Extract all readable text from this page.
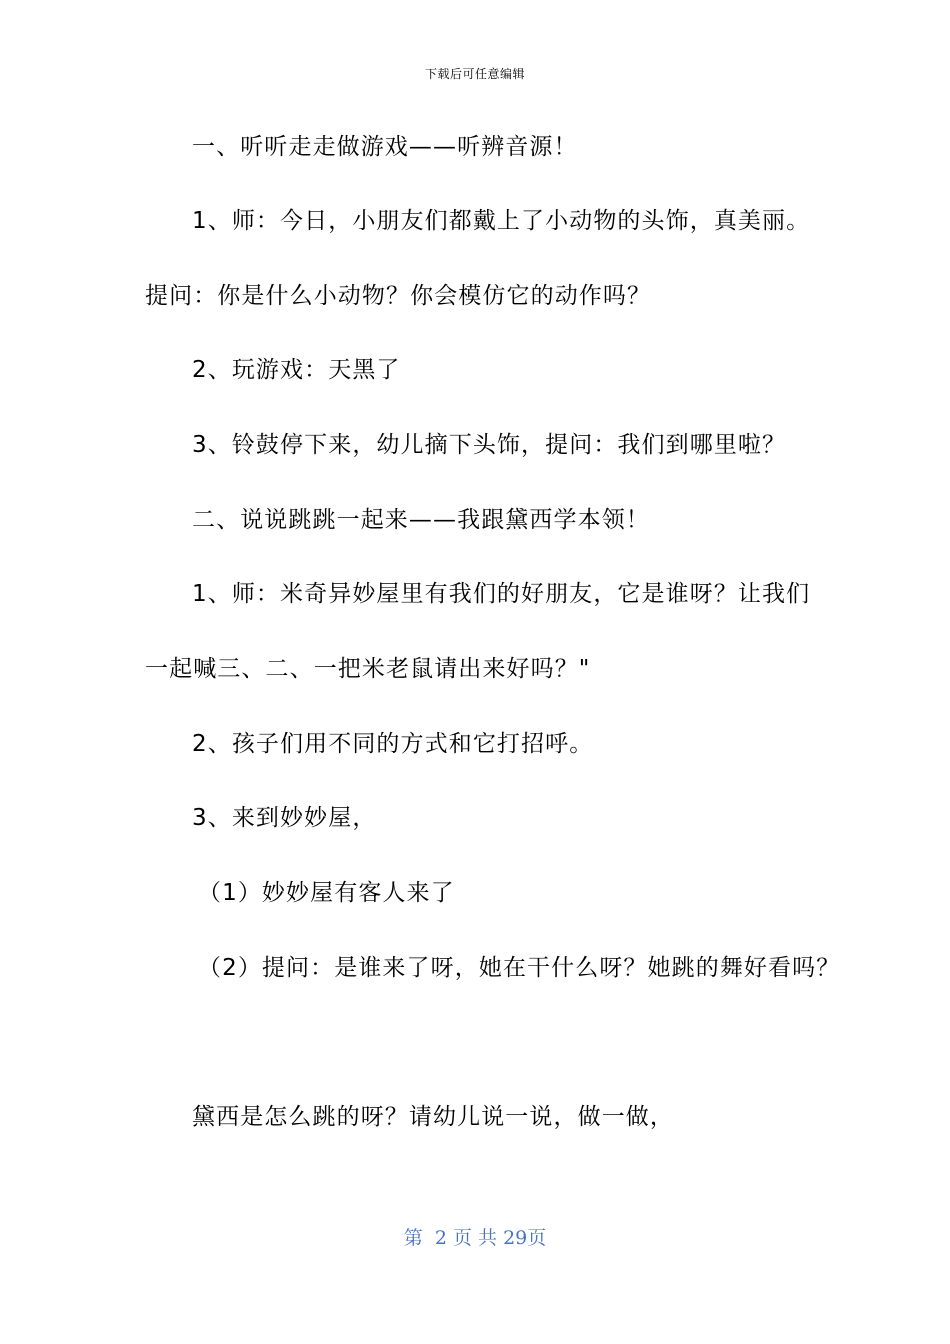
下载后可任意编辑
一、听听走走做游戏——听辨音源！
1、师：今日，小朋友们都戴上了小动物的头饰，真美丽。
提问：你是什么小动物？你会模仿它的动作吗？
2、玩游戏：天黑了
3、铃鼓停下来，幼儿摘下头饰，提问：我们到哪里啦？
二、说说跳跳一起来——我跟黛西学本领！
1、师：米奇异妙屋里有我们的好朋友，它是谁呀？让我们
一起喊三、二、一把米老鼠请出来好吗？"
2、孩子们用不同的方式和它打招呼。
3、来到妙妙屋，
（1）妙妙屋有客人来了
（2）提问：是谁来了呀，她在干什么呀？她跳的舞好看吗？
黛西是怎么跳的呀？请幼儿说一说，做一做，
第 2 页 共 29页
